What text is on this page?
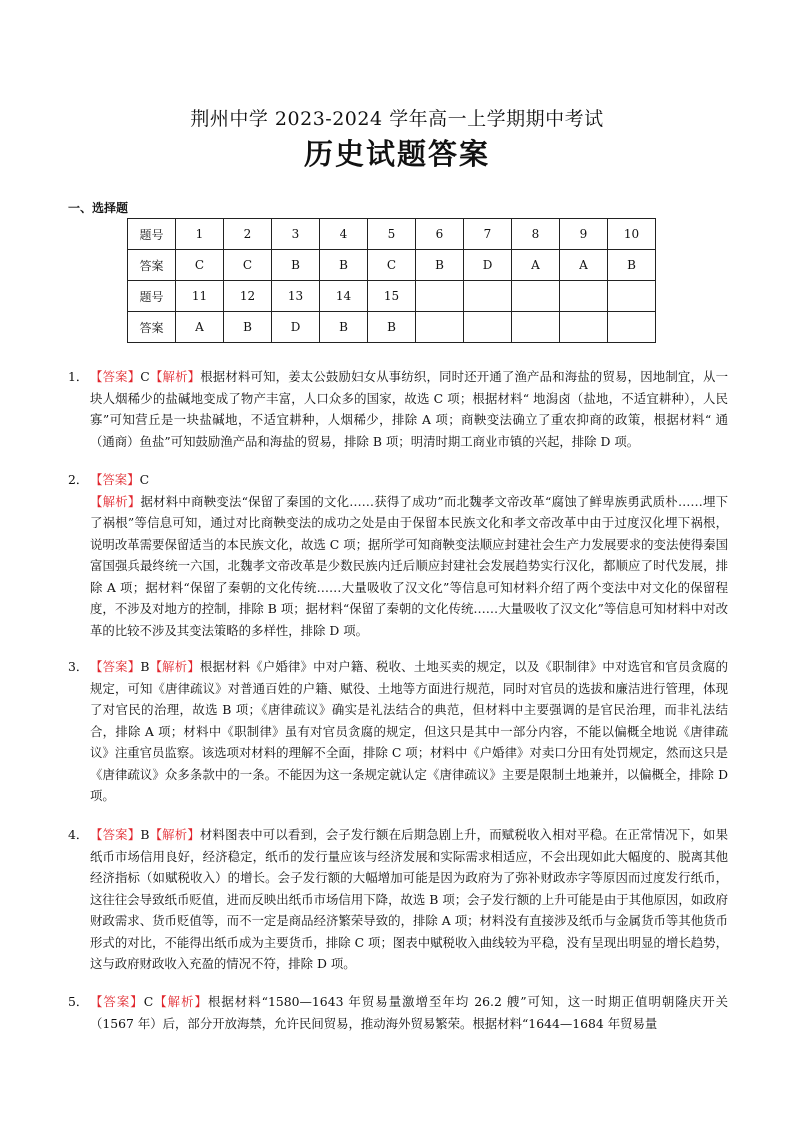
荆州中学 2023-2024 学年高一上学期期中考试
历史试题答案
一、选择题
题号	1	2	3	4	5	6	7	8	9	10
答案	C	C	B	B	C	B	D	A	A	B
题号	11	12	13	14	15					
答案	A	B	D	B	B					
1． 【答案】C【解析】根据材料可知，姜太公鼓励妇女从事纺织，同时还开通了渔产品和海盐的贸易，因地制宜，从一块人烟稀少的盐碱地变成了物产丰富，人口众多的国家，故选 C 项；根据材料“ 地潟卤（盐地，不适宜耕种），人民寡”可知营丘是一块盐碱地，不适宜耕种，人烟稀少，排除 A 项；商鞅变法确立了重农抑商的政策，根据材料“ 通（通商）鱼盐”可知鼓励渔产品和海盐的贸易，排除 B 项；明清时期工商业市镇的兴起，排除 D 项。
2． 【答案】C
【解析】据材料中商鞅变法“保留了秦国的文化……获得了成功”而北魏孝文帝改革“腐蚀了鲜卑族勇武质朴……埋下了祸根”等信息可知，通过对比商鞅变法的成功之处是由于保留本民族文化和孝文帝改革中由于过度汉化埋下祸根，说明改革需要保留适当的本民族文化，故选 C 项；据所学可知商鞅变法顺应封建社会生产力发展要求的变法使得秦国富国强兵最终统一六国，北魏孝文帝改革是少数民族内迁后顺应封建社会发展趋势实行汉化，都顺应了时代发展，排除 A 项；据材料“保留了秦朝的文化传统……大量吸收了汉文化”等信息可知材料介绍了两个变法中对文化的保留程度，不涉及对地方的控制，排除 B 项；据材料“保留了秦朝的文化传统……大量吸收了汉文化”等信息可知材料中对改革的比较不涉及其变法策略的多样性，排除 D 项。
3． 【答案】B【解析】根据材料《户婚律》中对户籍、税收、土地买卖的规定，以及《职制律》中对选官和官员贪腐的规定，可知《唐律疏议》对普通百姓的户籍、赋役、土地等方面进行规范，同时对官员的选拔和廉洁进行管理，体现了对官民的治理，故选 B 项；《唐律疏议》确实是礼法结合的典范，但材料中主要强调的是官民治理，而非礼法结合，排除 A 项；材料中《职制律》虽有对官员贪腐的规定，但这只是其中一部分内容，不能以偏概全地说《唐律疏议》注重官员监察。该选项对材料的理解不全面，排除 C 项；材料中《户婚律》对卖口分田有处罚规定，然而这只是《唐律疏议》众多条款中的一条。不能因为这一条规定就认定《唐律疏议》主要是限制土地兼并，以偏概全，排除 D 项。
4． 【答案】B【解析】材料图表中可以看到，会子发行额在后期急剧上升，而赋税收入相对平稳。在正常情况下，如果纸币市场信用良好，经济稳定，纸币的发行量应该与经济发展和实际需求相适应，不会出现如此大幅度的、脱离其他经济指标（如赋税收入）的增长。会子发行额的大幅增加可能是因为政府为了弥补财政赤字等原因而过度发行纸币，这往往会导致纸币贬值，进而反映出纸币市场信用下降，故选 B 项；会子发行额的上升可能是由于其他原因，如政府财政需求、货币贬值等，而不一定是商品经济繁荣导致的，排除 A 项；材料没有直接涉及纸币与金属货币等其他货币形式的对比，不能得出纸币成为主要货币，排除 C 项；图表中赋税收入曲线较为平稳，没有呈现出明显的增长趋势，这与政府财政收入充盈的情况不符，排除 D 项。
5． 【答案】C【解析】根据材料“1580—1643 年贸易量激增至年均 26.2 艘”可知，这一时期正值明朝隆庆开关（1567 年）后，部分开放海禁，允许民间贸易，推动海外贸易繁荣。根据材料“1644—1684 年贸易量
